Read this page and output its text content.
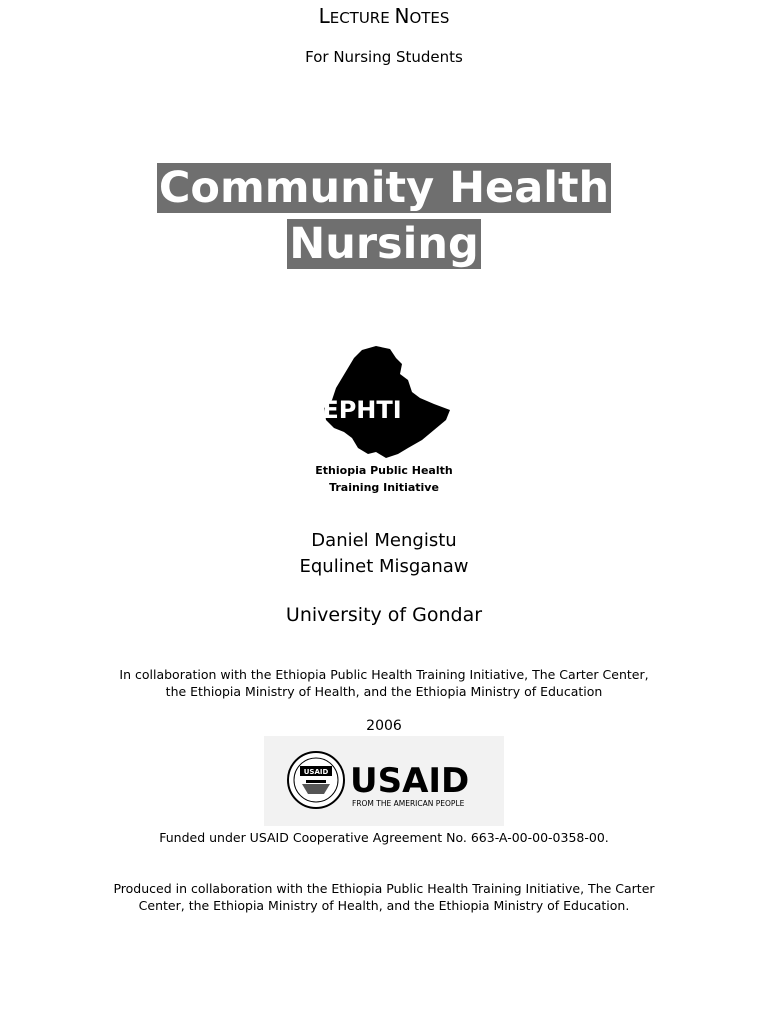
LECTURE NOTES
For Nursing Students
Community Health
Nursing
EPHTI
Ethiopia Public Health
Training Initiative
Daniel Mengistu
Equlinet Misganaw
University of Gondar
In collaboration with the Ethiopia Public Health Training Initiative, The Carter Center,
the Ethiopia Ministry of Health, and the Ethiopia Ministry of Education
2006
USAID USAID
FROM THE AMERICAN PEOPLE
Funded under USAID Cooperative Agreement No. 663-A-00-00-0358-00.
Produced in collaboration with the Ethiopia Public Health Training Initiative, The Carter
Center, the Ethiopia Ministry of Health, and the Ethiopia Ministry of Education.
